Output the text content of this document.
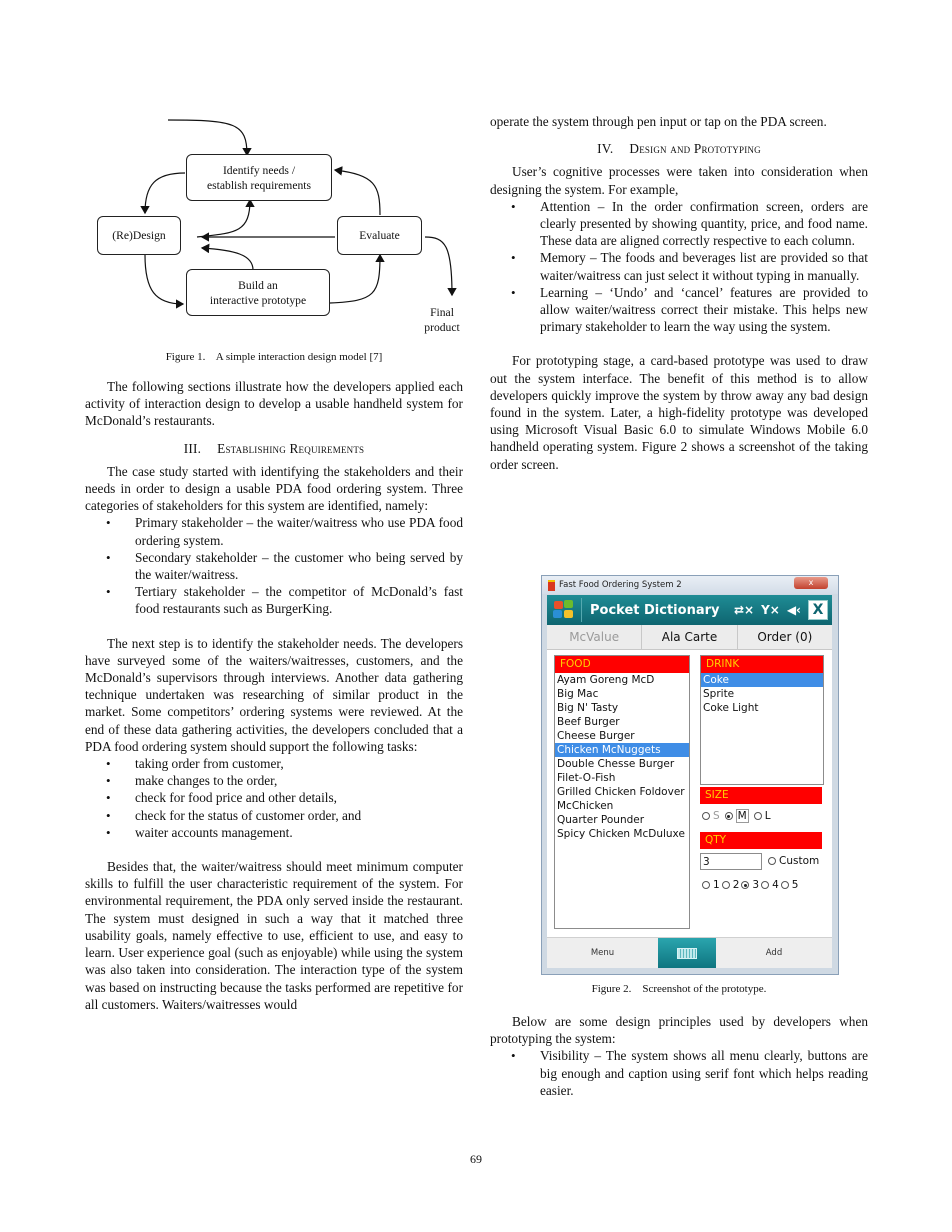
Identify needs /
establish requirements
(Re)Design	Evaluate
Build an
interactive prototype
Final
product
Figure 1.    A simple interaction design model [7]

The following sections illustrate how the developers applied each activity of interaction design to develop a usable handheld system for McDonald’s restaurants.

III. Establishing Requirements

The case study started with identifying the stakeholders and their needs in order to design a usable PDA food ordering system. Three categories of stakeholders for this system are identified, namely:

• Primary stakeholder – the waiter/waitress who use PDA food ordering system.
• Secondary stakeholder – the customer who being served by the waiter/waitress.
• Tertiary stakeholder – the competitor of McDonald’s fast food restaurants such as BurgerKing.

The next step is to identify the stakeholder needs. The developers have surveyed some of the waiters/waitresses, customers, and the McDonald’s supervisors through interviews. Another data gathering technique undertaken was researching of similar product in the market. Some competitors’ ordering systems were reviewed. At the end of these data gathering activities, the developers concluded that a PDA food ordering system should support the following tasks:

• taking order from customer,
• make changes to the order,
• check for food price and other details,
• check for the status of customer order, and
• waiter accounts management.

Besides that, the waiter/waitress should meet minimum computer skills to fulfill the user characteristic requirement of the system. For environmental requirement, the PDA only served inside the restaurant. The system must designed in such a way that it matched three usability goals, namely effective to use, efficient to use, and easy to learn. User experience goal (such as enjoyable) while using the system was also taken into consideration. The interaction type of the system was based on instructing because the tasks performed are repetitive for all customers. Waiters/waitresses would

operate the system through pen input or tap on the PDA screen.
IV. Design and Prototyping

User’s cognitive processes were taken into consideration when designing the system. For example,

• Attention – In the order confirmation screen, orders are clearly presented by showing quantity, price, and food name. These data are aligned correctly respective to each column.
• Memory – The foods and beverages list are provided so that waiter/waitress can just select it without typing in manually.
• Learning – ‘Undo’ and ‘cancel’ features are provided to allow waiter/waitress correct their mistake. This helps new primary stakeholder to learn the way using the system.

For prototyping stage, a card-based prototype was used to draw out the system interface. The benefit of this method is to allow developers quickly improve the system by throw away any bad design found in the system. Later, a high-fidelity prototype was developed using Microsoft Visual Basic 6.0 to simulate Windows Mobile 6.0 handheld operating system. Figure 2 shows a screenshot of the taking order screen.

Fast Food Ordering System 2	x
Pocket Dictionary	⇄× Y× ◀‹ X
McValue	Ala Carte	Order (0)
FOOD
Ayam Goreng McD
Big Mac
Big N' Tasty
Beef Burger
Cheese Burger
Chicken McNuggets
Double Chesse Burger
Filet-O-Fish
Grilled Chicken Foldover
McChicken
Quarter Pounder
Spicy Chicken McDuluxe
DRINK
Coke
Sprite
Coke Light
SIZE
S M L
QTY
3	Custom
1 2 3 4 5
Menu	Add
Figure 2.    Screenshot of the prototype.

Below are some design principles used by developers when prototyping the system:

• Visibility – The system shows all menu clearly, buttons are big enough and caption using serif font which helps reading easier.
69
